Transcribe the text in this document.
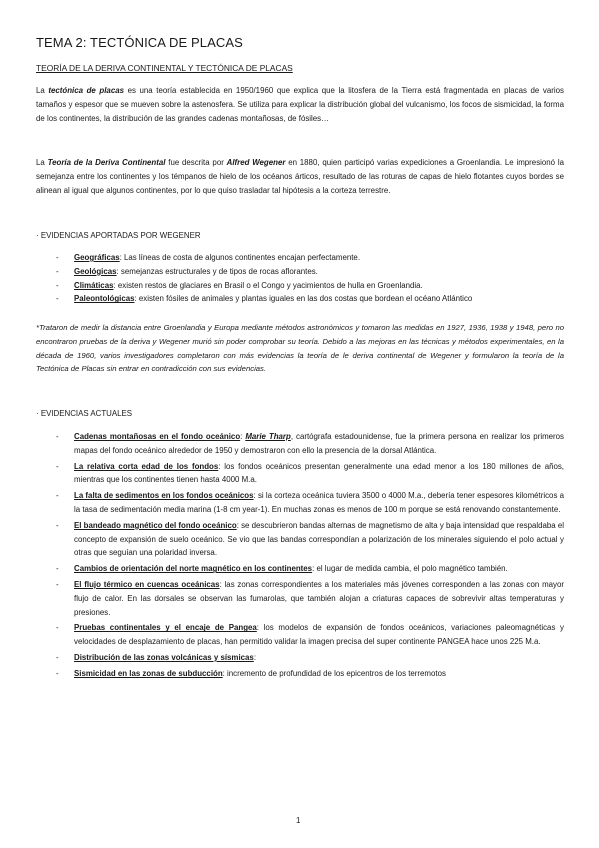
TEMA 2: TECTÓNICA DE PLACAS
TEORÍA DE LA DERIVA CONTINENTAL Y TECTÓNICA DE PLACAS
La tectónica de placas es una teoría establecida en 1950/1960 que explica que la litosfera de la Tierra está fragmentada en placas de varios tamaños y espesor que se mueven sobre la astenosfera. Se utiliza para explicar la distribución global del vulcanismo, los focos de sismicidad, la forma de los continentes, la distribución de las grandes cadenas montañosas, de fósiles…
La Teoría de la Deriva Continental fue descrita por Alfred Wegener en 1880, quien participó varias expediciones a Groenlandia. Le impresionó la semejanza entre los continentes y los témpanos de hielo de los océanos árticos, resultado de las roturas de capas de hielo flotantes cuyos bordes se alinean al igual que algunos continentes, por lo que quiso trasladar tal hipótesis a la corteza terrestre.
· EVIDENCIAS APORTADAS POR WEGENER
- Geográficas: Las líneas de costa de algunos continentes encajan perfectamente.
- Geológicas: semejanzas estructurales y de tipos de rocas aflorantes.
- Climáticas: existen restos de glaciares en Brasil o el Congo y yacimientos de hulla en Groenlandia.
- Paleontológicas: existen fósiles de animales y plantas iguales en las dos costas que bordean el océano Atlántico
*Trataron de medir la distancia entre Groenlandia y Europa mediante métodos astronómicos y tomaron las medidas en 1927, 1936, 1938 y 1948, pero no encontraron pruebas de la deriva y Wegener murió sin poder comprobar su teoría. Debido a las mejoras en las técnicas y métodos experimentales, en la década de 1960, varios investigadores completaron con más evidencias la teoría de le deriva continental de Wegener y formularon la teoría de la Tectónica de Placas sin entrar en contradicción con sus evidencias.
· EVIDENCIAS ACTUALES
- Cadenas montañosas en el fondo oceánico: Marie Tharp, cartógrafa estadounidense, fue la primera persona en realizar los primeros mapas del fondo oceánico alrededor de 1950 y demostraron con ello la presencia de la dorsal Atlántica.
- La relativa corta edad de los fondos: los fondos oceánicos presentan generalmente una edad menor a los 180 millones de años, mientras que los continentes tienen hasta 4000 M.a.
- La falta de sedimentos en los fondos oceánicos: si la corteza oceánica tuviera 3500 o 4000 M.a., debería tener espesores kilométricos a la tasa de sedimentación media marina (1-8 cm year-1). En muchas zonas es menos de 100 m porque se está renovando constantemente.
- El bandeado magnético del fondo oceánico: se descubrieron bandas alternas de magnetismo de alta y baja intensidad que respaldaba el concepto de expansión de suelo oceánico. Se vio que las bandas correspondían a polarización de los minerales siguiendo el polo actual y otras que seguían una polaridad inversa.
- Cambios de orientación del norte magnético en los continentes: el lugar de medida cambia, el polo magnético también.
- El flujo térmico en cuencas oceánicas: las zonas correspondientes a los materiales más jóvenes corresponden a las zonas con mayor flujo de calor. En las dorsales se observan las fumarolas, que también alojan a criaturas capaces de sobrevivir altas temperaturas y presiones.
- Pruebas continentales y el encaje de Pangea: los modelos de expansión de fondos oceánicos, variaciones paleomagnéticas y velocidades de desplazamiento de placas, han permitido validar la imagen precisa del super continente PANGEA hace unos 225 M.a.
- Distribución de las zonas volcánicas y sísmicas:
- Sismicidad en las zonas de subducción: incremento de profundidad de los epicentros de los terremotos
1
